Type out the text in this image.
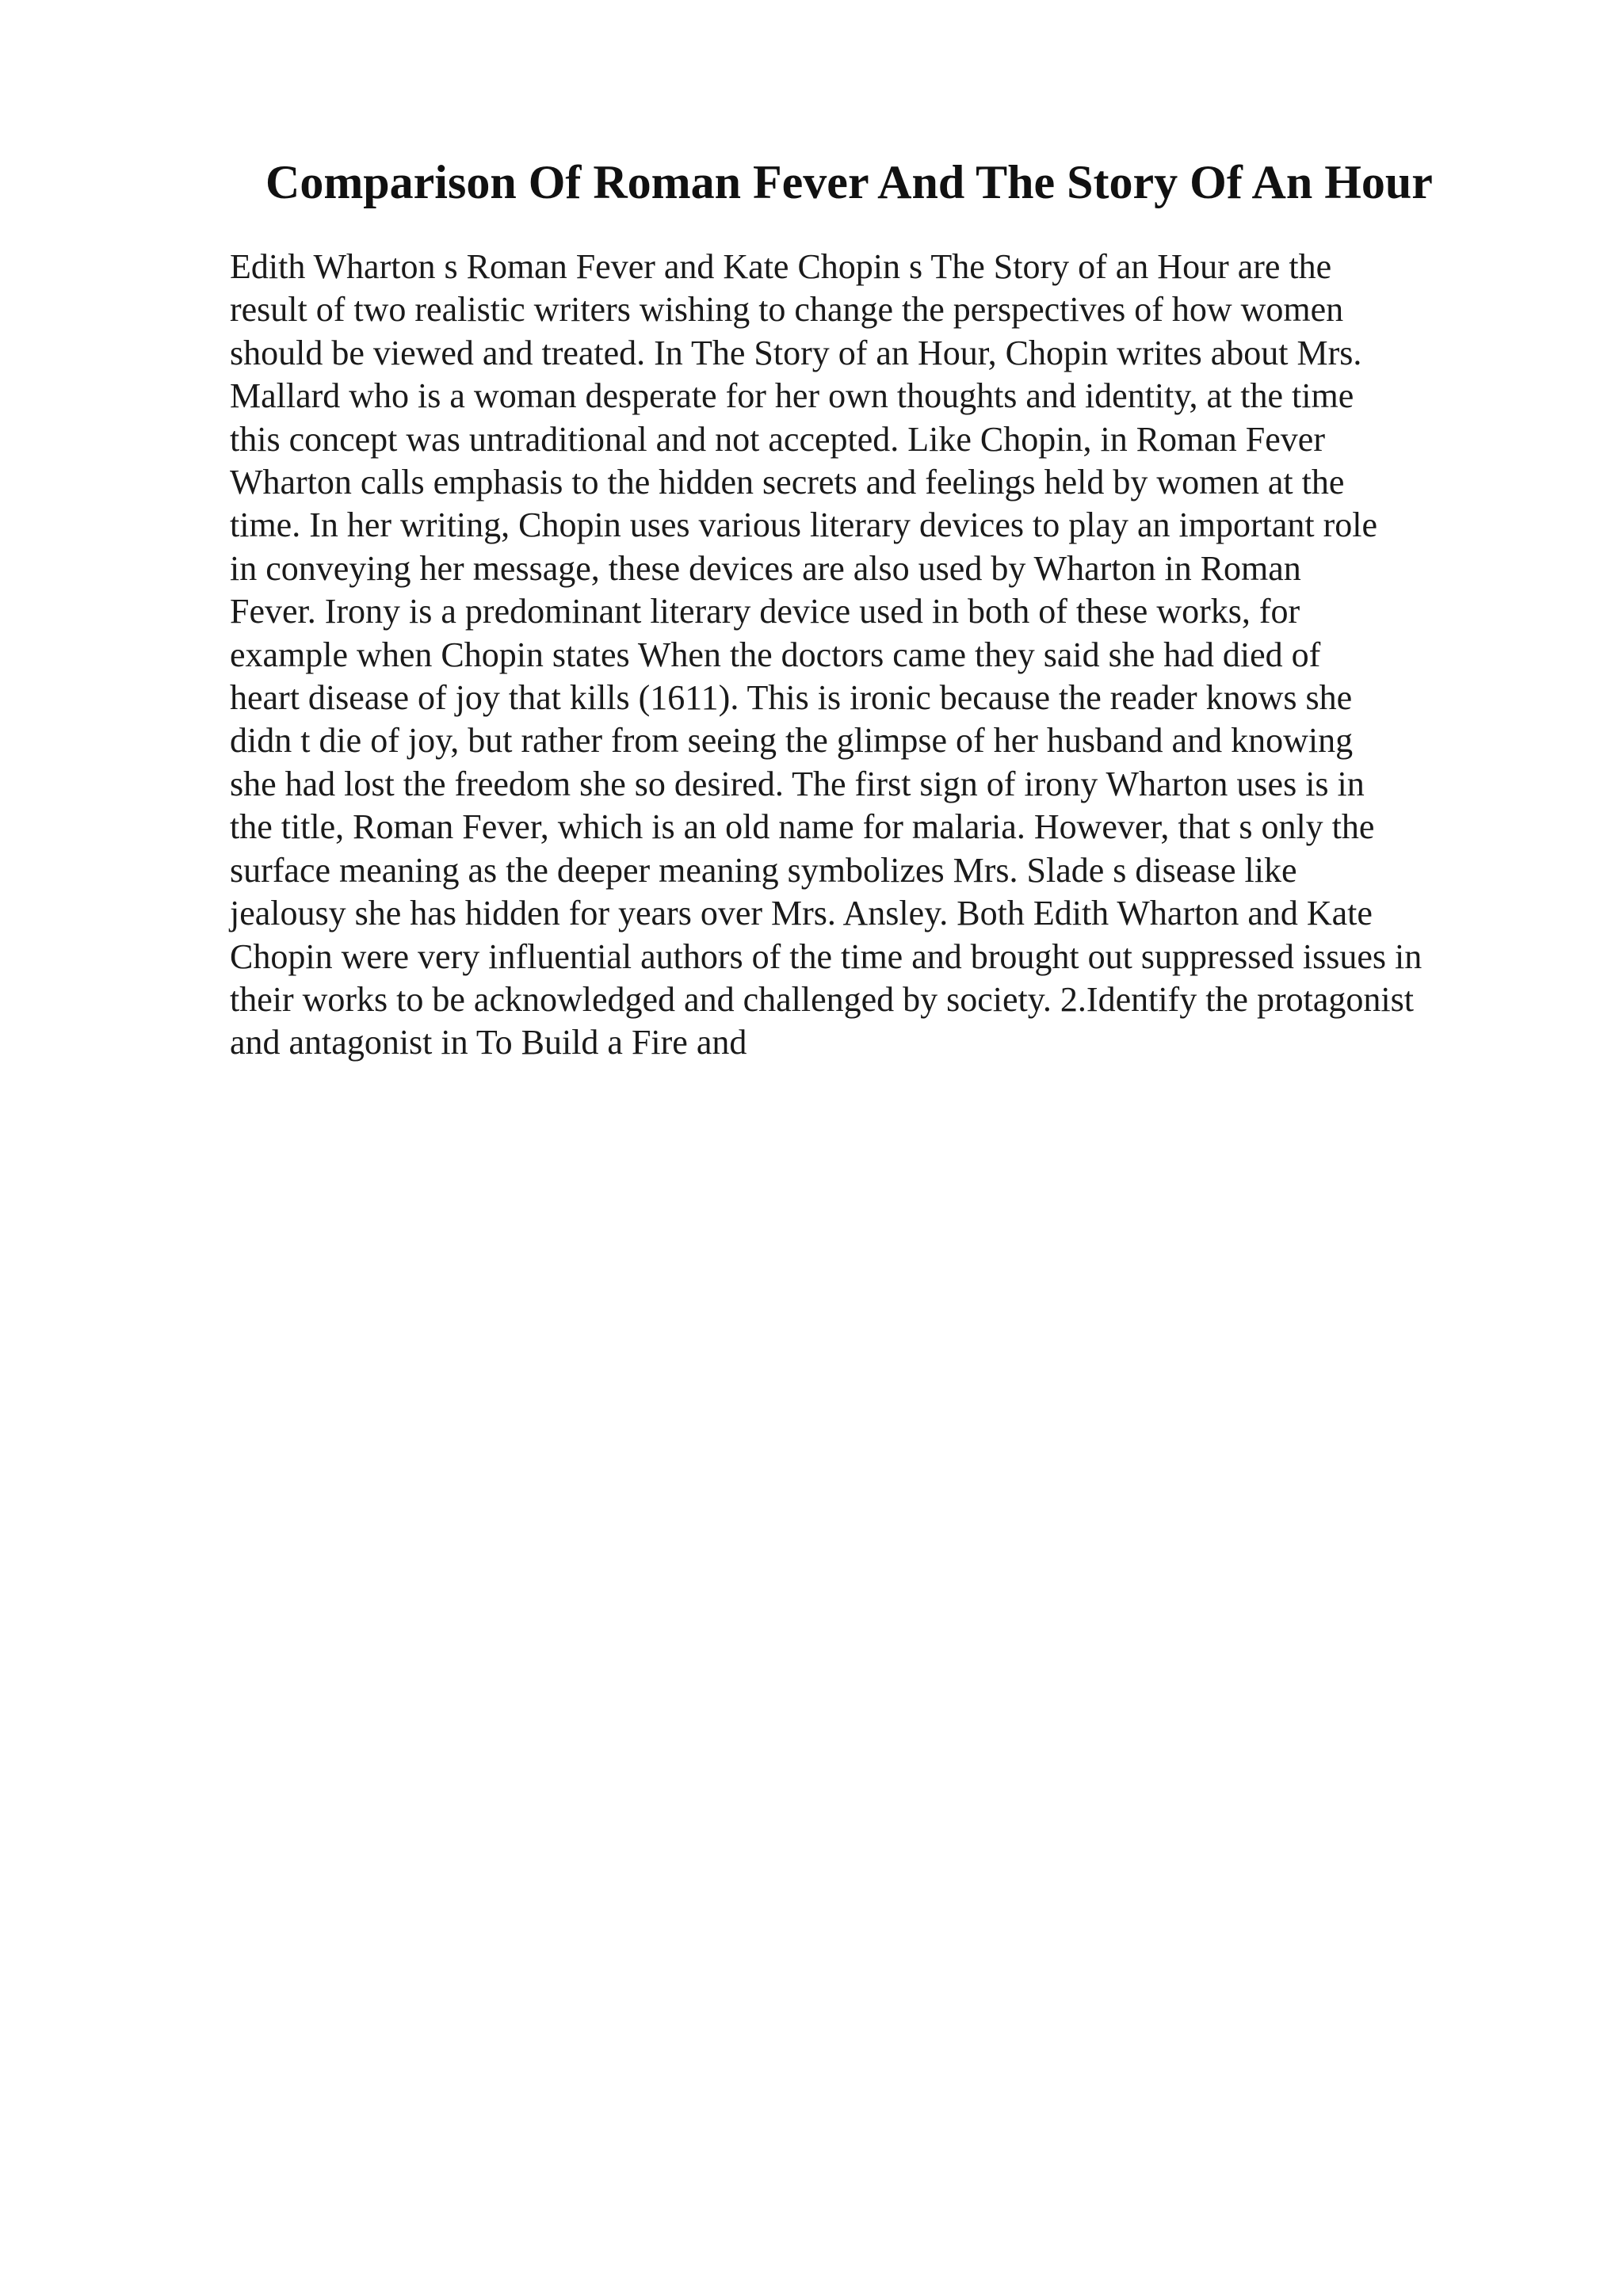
Comparison Of Roman Fever And The Story Of An Hour
Edith Wharton s Roman Fever and Kate Chopin s The Story of an Hour are the
result of two realistic writers wishing to change the perspectives of how women
should be viewed and treated. In The Story of an Hour, Chopin writes about Mrs.
Mallard who is a woman desperate for her own thoughts and identity, at the time
this concept was untraditional and not accepted. Like Chopin, in Roman Fever
Wharton calls emphasis to the hidden secrets and feelings held by women at the
time. In her writing, Chopin uses various literary devices to play an important role
in conveying her message, these devices are also used by Wharton in Roman
Fever. Irony is a predominant literary device used in both of these works, for
example when Chopin states When the doctors came they said she had died of
heart disease of joy that kills (1611). This is ironic because the reader knows she
didn t die of joy, but rather from seeing the glimpse of her husband and knowing
she had lost the freedom she so desired. The first sign of irony Wharton uses is in
the title, Roman Fever, which is an old name for malaria. However, that s only the
surface meaning as the deeper meaning symbolizes Mrs. Slade s disease like
jealousy she has hidden for years over Mrs. Ansley. Both Edith Wharton and Kate
Chopin were very influential authors of the time and brought out suppressed issues in
their works to be acknowledged and challenged by society. 2.Identify the protagonist
and antagonist in To Build a Fire and
